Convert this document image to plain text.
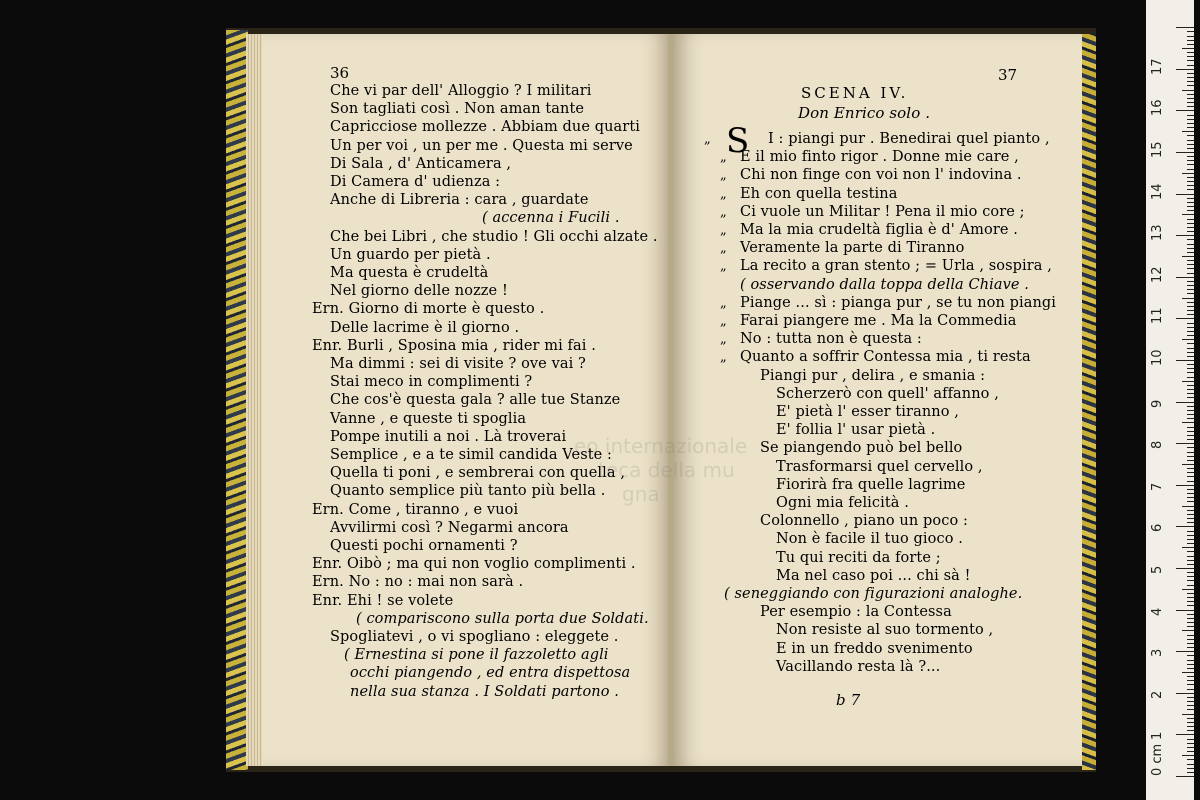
36	37
SCENA IV.
Don Enrico solo .
S
b 7
eo internazionale
teca della mu
gna
Che vi par dell' Alloggio ? I militari
Son tagliati così . Non aman tante
Capricciose mollezze . Abbiam due quarti
Un per voi , un per me . Questa mi serve
Di Sala , d' Anticamera ,
Di Camera d' udienza :
Anche di Libreria : cara , guardate
( accenna i Fucili .
Che bei Libri , che studio ! Gli occhi alzate .
Un guardo per pietà .
Ma questa è crudeltà
Nel giorno delle nozze !
Ern. Giorno di morte è questo .
Delle lacrime è il giorno .
Enr. Burli , Sposina mia , rider mi fai .
Ma dimmi : sei di visite ? ove vai ?
Stai meco in complimenti ?
Che cos'è questa gala ? alle tue Stanze
Vanne , e queste ti spoglia
Pompe inutili a noi . Là troverai
Semplice , e a te simil candida Veste :
Quella ti poni , e sembrerai con quella ,
Quanto semplice più tanto più bella .
Ern. Come , tiranno , e vuoi
Avvilirmi così ? Negarmi ancora
Questi pochi ornamenti ?
Enr. Oibò ; ma qui non voglio complimenti .
Ern. No : no : mai non sarà .
Enr. Ehi ! se volete
( compariscono sulla porta due Soldati.
Spogliatevi , o vi spogliano : eleggete .
( Ernestina si pone il fazzoletto agli
occhi piangendo , ed entra dispettosa
nella sua stanza . I Soldati partono .
I : piangi pur . Benedirai quel pianto ,
E il mio finto rigor . Donne mie care ,
Chi non finge con voi non l' indovina .
Eh con quella testina
Ci vuole un Militar ! Pena il mio core ;
Ma la mia crudeltà figlia è d' Amore .
Veramente la parte di Tiranno
La recito a gran stento ; = Urla , sospira ,
( osservando dalla toppa della Chiave .
Piange ... sì : pianga pur , se tu non piangi
Farai piangere me . Ma la Commedia
No : tutta non è questa :
Quanto a soffrir Contessa mia , ti resta
Piangi pur , delira , e smania :
Scherzerò con quell' affanno ,
E' pietà l' esser tiranno ,
E' follia l' usar pietà .
Se piangendo può bel bello
Trasformarsi quel cervello ,
Fiorirà fra quelle lagrime
Ogni mia felicità .
Colonnello , piano un poco :
Non è facile il tuo gioco .
Tu qui reciti da forte ;
Ma nel caso poi ... chi sà !
( seneggiando con figurazioni analoghe.
Per esempio : la Contessa
Non resiste al suo tormento ,
E in un freddo svenimento
Vacillando resta là ?...
„
„
„
„
„
„
„
„
„
„
„
„
0 cm
1
2
3
4
5
6
7
8
9
10
11
12
13
14
15
16
17
